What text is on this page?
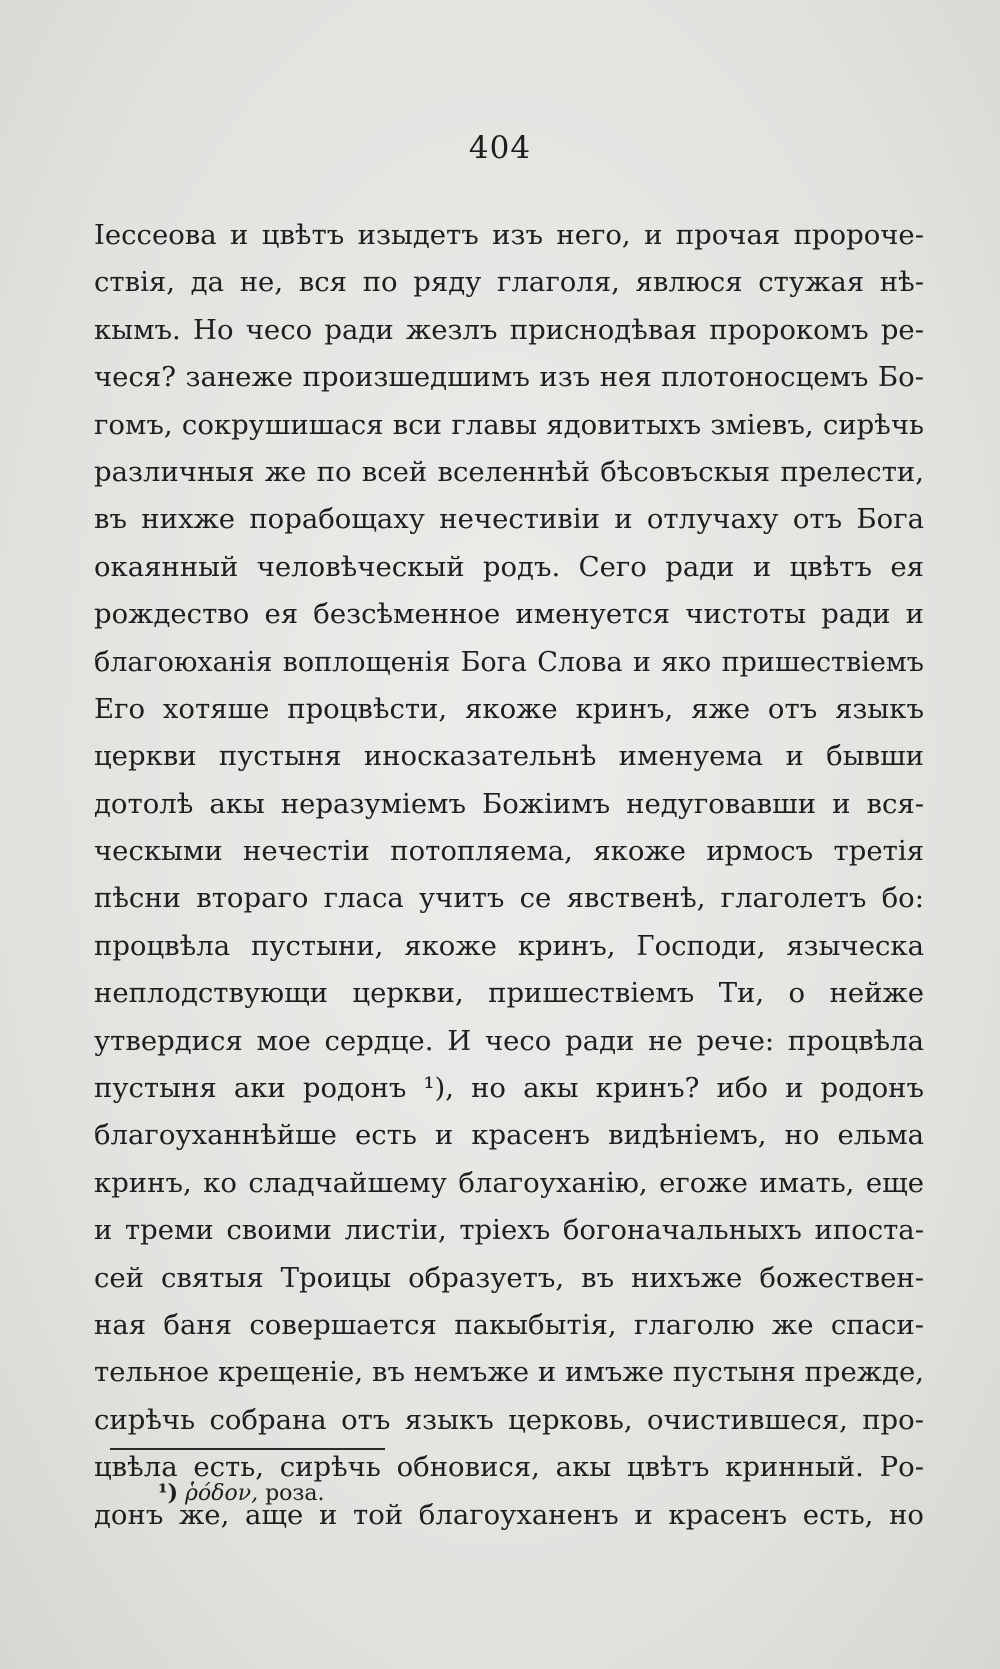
404
Іессеова и цвѣтъ изыдетъ изъ него, и прочая пророче-
ствія, да не, вся по ряду глаголя, явлюся стужая нѣ-
кымъ. Но чесо ради жезлъ приснодѣвая пророкомъ ре-
чеся? занеже произшедшимъ изъ нея плотоносцемъ Бо-
гомъ, сокрушишася вси главы ядовитыхъ зміевъ, сирѣчь
различныя же по всей вселеннѣй бѣсовъскыя прелести,
въ нихже порабощаху нечестивіи и отлучаху отъ Бога
окаянный человѣческый родъ. Сего ради и цвѣтъ ея
рождество ея безсѣменное именуется чистоты ради и
благоюханія воплощенія Бога Слова и яко пришествіемъ
Его хотяше процвѣсти, якоже кринъ, яже отъ языкъ
церкви пустыня иносказательнѣ именуема и бывши
дотолѣ акы неразуміемъ Божіимъ недуговавши и вся-
ческыми нечестіи потопляема, якоже ирмосъ третія
пѣсни втораго гласа учитъ се явственѣ, глаголетъ бо:
процвѣла пустыни, якоже кринъ, Господи, языческа
неплодствующи церкви, пришествіемъ Ти, о нейже
утвердися мое сердце. И чесо ради не рече: процвѣла
пустыня аки родонъ ¹), но акы кринъ? ибо и родонъ
благоуханнѣйше есть и красенъ видѣніемъ, но ельма
кринъ, ко сладчайшему благоуханію, егоже имать, еще
и треми своими листіи, тріехъ богоначальныхъ ипоста-
сей святыя Троицы образуетъ, въ нихъже божествен-
ная баня совершается пакыбытія, глаголю же спаси-
тельное крещеніе, въ немъже и имъже пустыня прежде,
сирѣчь собрана отъ языкъ церковь, очистившеся, про-
цвѣла есть, сирѣчь обновися, акы цвѣтъ кринный. Ро-
донъ же, аще и той благоуханенъ и красенъ есть, но
¹) ῥόδον, роза.
